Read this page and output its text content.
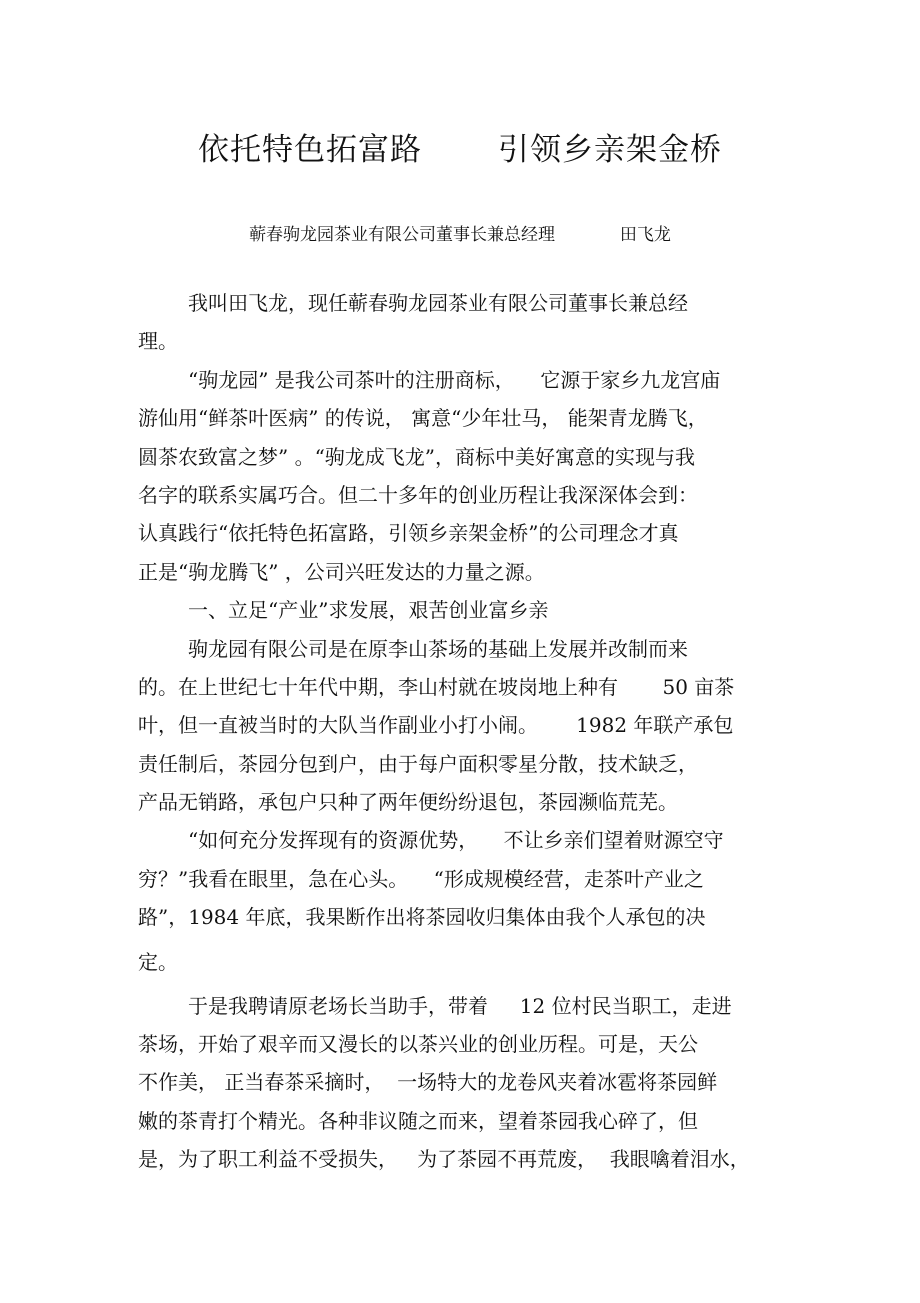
依托特色拓富路       引领乡亲架金桥
蕲春驹龙园茶业有限公司董事长兼总经理            田飞龙
我叫田飞龙，现任蕲春驹龙园茶业有限公司董事长兼总经
理。
“驹龙园” 是我公司茶叶的注册商标，    它源于家乡九龙宫庙
游仙用“鲜茶叶医病” 的传说， 寓意“少年壮马， 能架青龙腾飞，
圆茶农致富之梦” 。“驹龙成飞龙”，商标中美好寓意的实现与我
名字的联系实属巧合。但二十多年的创业历程让我深深体会到：
认真践行“依托特色拓富路，引领乡亲架金桥”的公司理念才真
正是“驹龙腾飞” ，公司兴旺发达的力量之源。
一、立足“产业”求发展，艰苦创业富乡亲
驹龙园有限公司是在原李山茶场的基础上发展并改制而来
的。在上世纪七十年代中期，李山村就在坡岗地上种有       50 亩茶
叶，但一直被当时的大队当作副业小打小闹。      1982 年联产承包
责任制后，茶园分包到户，由于每户面积零星分散，技术缺乏，
产品无销路，承包户只种了两年便纷纷退包，茶园濒临荒芜。
“如何充分发挥现有的资源优势，    不让乡亲们望着财源空守
穷？”我看在眼里，急在心头。    “形成规模经营，走茶叶产业之
路”，1984 年底，我果断作出将茶园收归集体由我个人承包的决
定。
于是我聘请原老场长当助手，带着     12 位村民当职工，走进
茶场，开始了艰辛而又漫长的以茶兴业的创业历程。可是，天公
不作美， 正当春茶采摘时，  一场特大的龙卷风夹着冰雹将茶园鲜
嫩的茶青打个精光。各种非议随之而来，望着茶园我心碎了，但
是，为了职工利益不受损失，   为了茶园不再荒废，  我眼噙着泪水，
